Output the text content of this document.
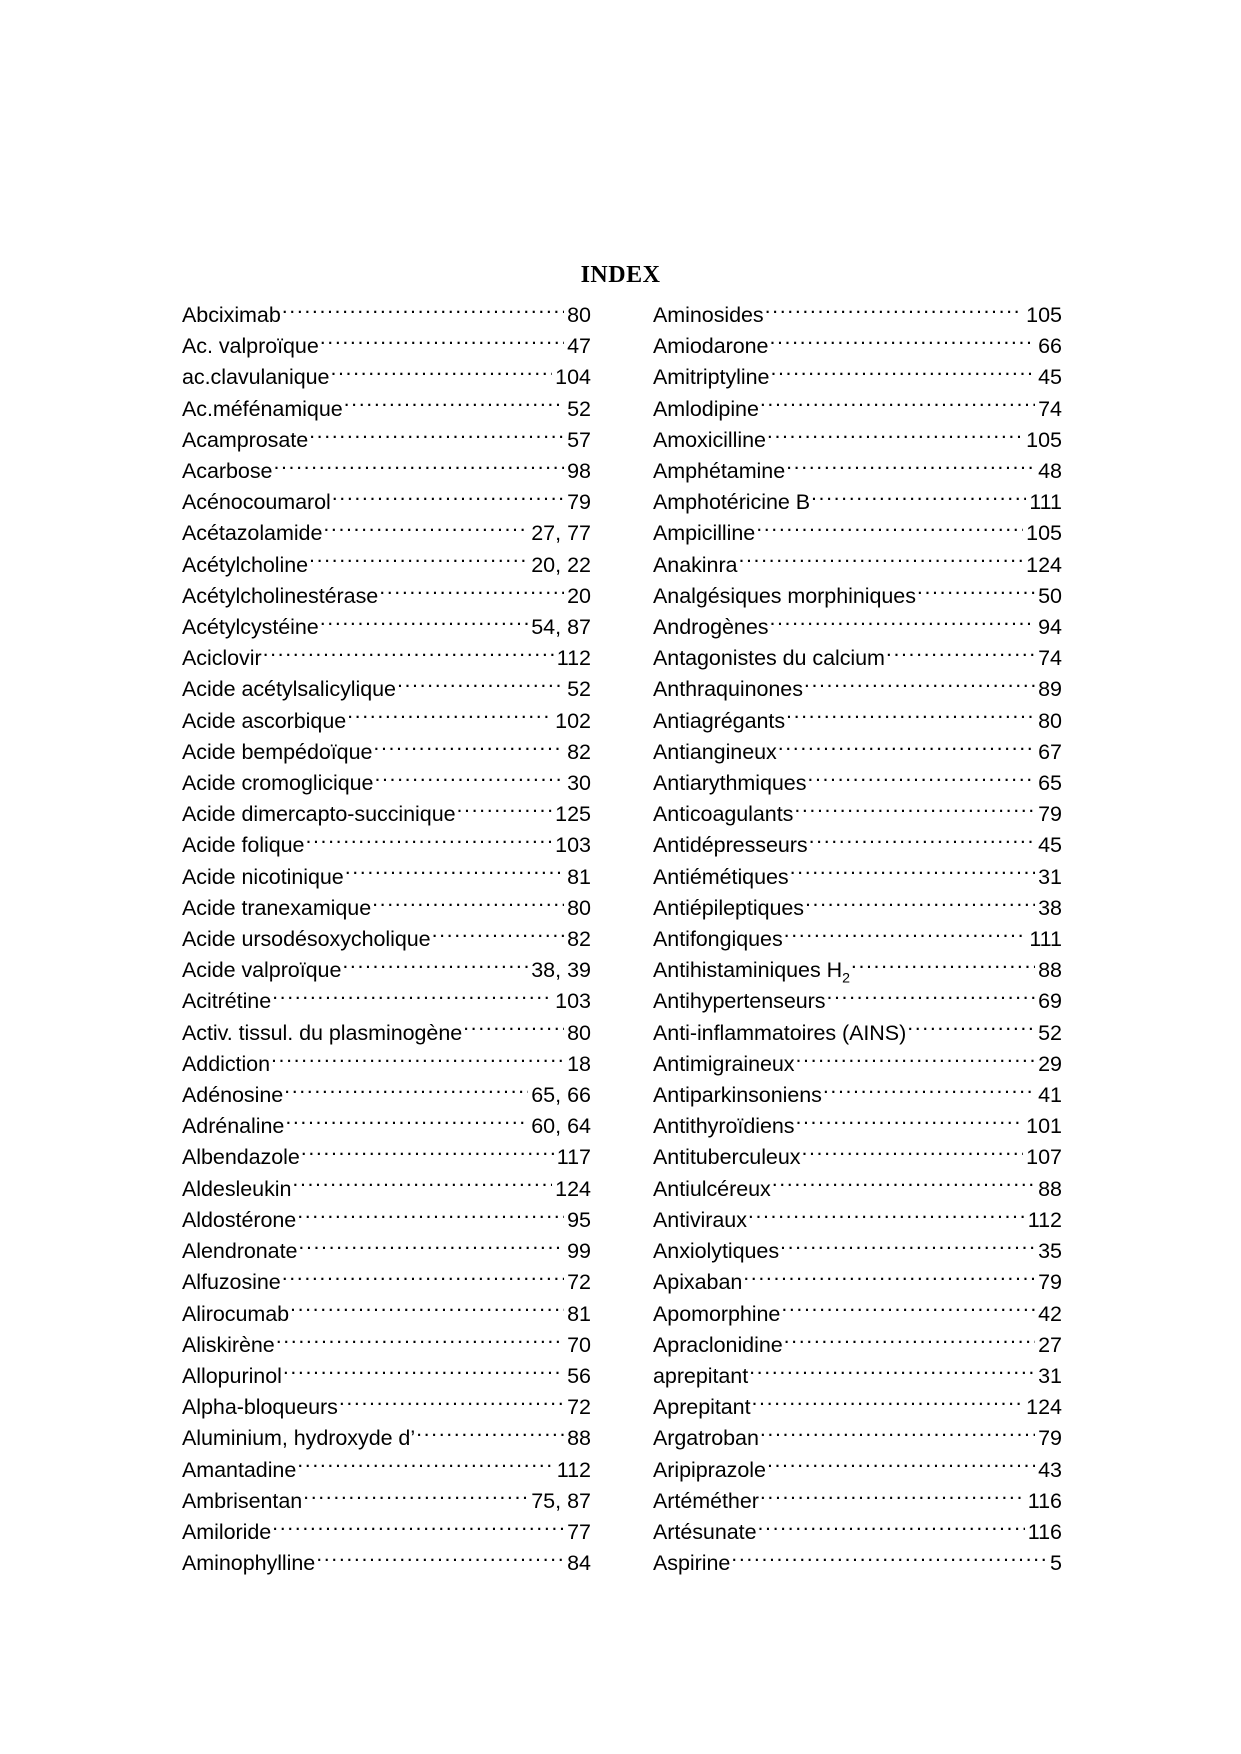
INDEX
Abciximab . . .	80
Ac. valproïque . . .	47
ac.clavulanique . . .	104
Ac.méfénamique . . .	52
Acamprosate . . .	57
Acarbose . . .	98
Acénocoumarol . . .	79
Acétazolamide . . .	27, 77
Acétylcholine . . .	20, 22
Acétylcholinestérase . . .	20
Acétylcystéine . . .	54, 87
Aciclovir . . .	112
Acide acétylsalicylique . . .	52
Acide ascorbique . . .	102
Acide bempédoïque . . .	82
Acide cromoglicique . . .	30
Acide dimercapto-succinique . . .	125
Acide folique . . .	103
Acide nicotinique . . .	81
Acide tranexamique . . .	80
Acide ursodésoxycholique . . .	82
Acide valproïque . . .	38, 39
Acitrétine . . .	103
Activ. tissul. du plasminogène . . .	80
Addiction . . .	18
Adénosine . . .	65, 66
Adrénaline . . .	60, 64
Albendazole . . .	117
Aldesleukin . . .	124
Aldostérone . . .	95
Alendronate . . .	99
Alfuzosine . . .	72
Alirocumab . . .	81
Aliskirène . . .	70
Allopurinol . . .	56
Alpha-bloqueurs . . .	72
Aluminium, hydroxyde d’ . . .	88
Amantadine . . .	112
Ambrisentan . . .	75, 87
Amiloride . . .	77
Aminophylline . . .	84
Aminosides . . .	105
Amiodarone . . .	66
Amitriptyline . . .	45
Amlodipine . . .	74
Amoxicilline . . .	105
Amphétamine . . .	48
Amphotéricine B . . .	111
Ampicilline . . .	105
Anakinra . . .	124
Analgésiques morphiniques . . .	50
Androgènes . . .	94
Antagonistes du calcium . . .	74
Anthraquinones . . .	89
Antiagrégants . . .	80
Antiangineux . . .	67
Antiarythmiques . . .	65
Anticoagulants . . .	79
Antidépresseurs . . .	45
Antiémétiques . . .	31
Antiépileptiques . . .	38
Antifongiques . . .	111
Antihistaminiques $H_2$ . . .	88
Antihypertenseurs . . .	69
Anti-inflammatoires (AINS) . . .	52
Antimigraineux . . .	29
Antiparkinsoniens . . .	41
Antithyroïdiens . . .	101
Antituberculeux . . .	107
Antiulcéreux . . .	88
Antiviraux . . .	112
Anxiolytiques . . .	35
Apixaban . . .	79
Apomorphine . . .	42
Apraclonidine . . .	27
aprepitant . . .	31
Aprepitant . . .	124
Argatroban . . .	79
Aripiprazole . . .	43
Artéméther . . .	116
Artésunate . . .	116
Aspirine . . .	5
